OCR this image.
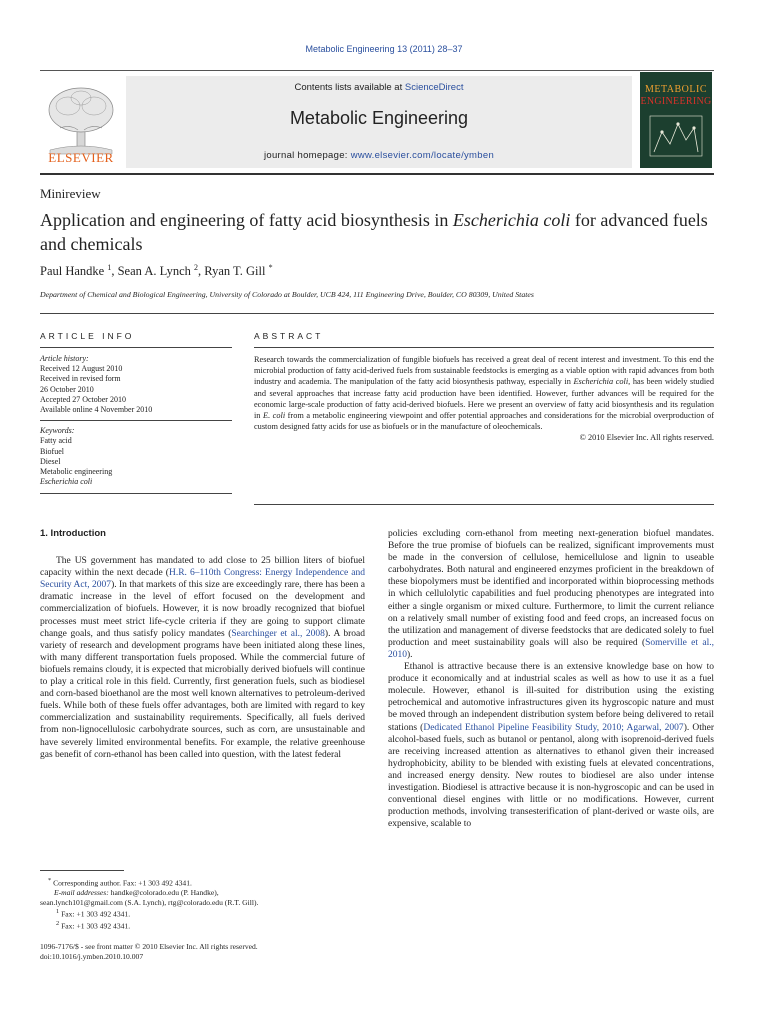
Metabolic Engineering 13 (2011) 28–37
ELSEVIER
Contents lists available at ScienceDirect
Metabolic Engineering
journal homepage: www.elsevier.com/locate/ymben
METABOLIC
ENGINEERING
Minireview
Application and engineering of fatty acid biosynthesis in Escherichia coli for advanced fuels and chemicals
Paul Handke $^1$, Sean A. Lynch $^2$, Ryan T. Gill *
Department of Chemical and Biological Engineering, University of Colorado at Boulder, UCB 424, 111 Engineering Drive, Boulder, CO 80309, United States
ARTICLE INFO	ABSTRACT
Article history:
Received 12 August 2010
Received in revised form
26 October 2010
Accepted 27 October 2010
Available online 4 November 2010
Keywords:
Fatty acid
Biofuel
Diesel
Metabolic engineering
Escherichia coli
Research towards the commercialization of fungible biofuels has received a great deal of recent interest and investment. To this end the microbial production of fatty acid-derived fuels from sustainable feedstocks is emerging as a viable option with rapid advances from both industry and academia. The manipulation of the fatty acid biosynthesis pathway, especially in Escherichia coli, has been widely studied and several approaches that increase fatty acid production have been identified. However, further advances will be required for the economic large-scale production of fatty acid-derived biofuels. Here we present an overview of fatty acid biosynthesis and its regulation in E. coli from a metabolic engineering viewpoint and offer potential approaches and considerations for the microbial overproduction of custom designed fatty acids for use as biofuels or in the manufacture of oleochemicals.
© 2010 Elsevier Inc. All rights reserved.
1. Introduction

The US government has mandated to add close to 25 billion liters of biofuel capacity within the next decade (H.R. 6–110th Congress: Energy Independence and Security Act, 2007). In that markets of this size are exceedingly rare, there has been a dramatic increase in the level of effort focused on the development and commercialization of biofuels. However, it is now broadly recognized that biofuel processes must meet strict life-cycle criteria if they are going to support climate change goals, and thus satisfy policy mandates (Searchinger et al., 2008). A broad variety of research and development programs have been initiated along these lines, with many different transportation fuels proposed. While the commercial future of biofuels remains cloudy, it is expected that microbially derived biofuels will continue to play a critical role in this field. Currently, first generation fuels, such as biodiesel and corn-based bioethanol are the most well known alternatives to petroleum-derived fuels. While both of these fuels offer advantages, both are limited with regard to key commercialization and sustainability requirements. Specifically, all fuels derived from non-lignocellulosic carbohydrate sources, such as corn, are unsustainable and have severely limited environmental benefits. For example, the relative greenhouse gas benefit of corn-ethanol has been called into question, with the latest federal

* Corresponding author. Fax: +1 303 492 4341.
E-mail addresses: handke@colorado.edu (P. Handke),
sean.lynch101@gmail.com (S.A. Lynch), rtg@colorado.edu (R.T. Gill).
$^1$ Fax: +1 303 492 4341.
$^2$ Fax: +1 303 492 4341.
1096-7176/$ - see front matter © 2010 Elsevier Inc. All rights reserved.
doi:10.1016/j.ymben.2010.10.007

policies excluding corn-ethanol from meeting next-generation biofuel mandates. Before the true promise of biofuels can be realized, significant improvements must be made in the conversion of cellulose, hemicellulose and lignin to useable carbohydrates. Both natural and engineered enzymes proficient in the breakdown of these biopolymers must be identified and incorporated within bioprocessing methods in which cellulolytic capabilities and fuel producing phenotypes are integrated into either a single organism or mixed culture. Furthermore, to limit the current reliance on a relatively small number of existing food and feed crops, an increased focus on the utilization and management of diverse feedstocks that are dedicated solely to fuel production and meet sustainability goals will also be required (Somerville et al., 2010).

Ethanol is attractive because there is an extensive knowledge base on how to produce it economically and at industrial scales as well as how to use it as a fuel molecule. However, ethanol is ill-suited for distribution using the existing petrochemical and automotive infrastructures given its hygroscopic nature and must be moved through an independent distribution system before being delivered to retail stations (Dedicated Ethanol Pipeline Feasibility Study, 2010; Agarwal, 2007). Other alcohol-based fuels, such as butanol or pentanol, along with isoprenoid-derived fuels are receiving increased attention as alternatives to ethanol given their increased hydrophobicity, ability to be blended with existing fuels at elevated concentrations, and increased energy density. New routes to biodiesel are also under intense investigation. Biodiesel is attractive because it is non-hygroscopic and can be used in conventional diesel engines with little or no modifications. However, current production methods, involving transesterification of plant-derived or waste oils, are expensive, scalable to
